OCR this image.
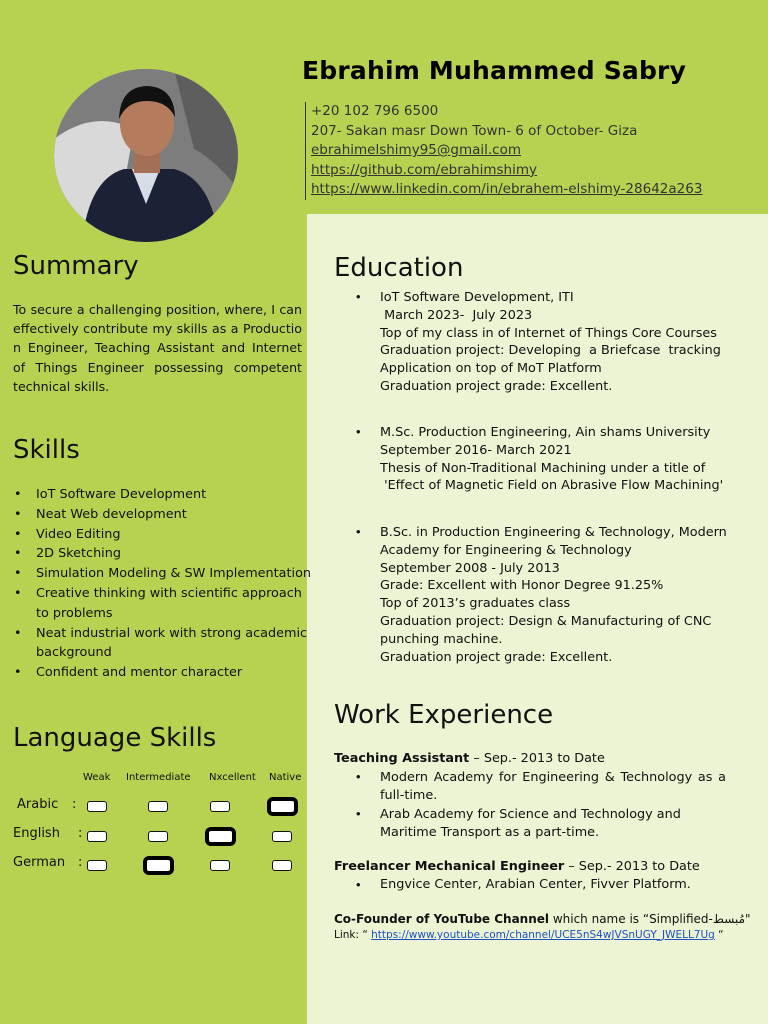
Ebrahim Muhammed Sabry
+20 102 796 6500
207- Sakan masr Down Town- 6 of October- Giza
ebrahimelshimy95@gmail.com
https://github.com/ebrahimshimy
https://www.linkedin.com/in/ebrahem-elshimy-28642a263
Summary
To secure a challenging position, where, I can effectively contribute my skills as a Productio n Engineer, Teaching Assistant and Internet of Things Engineer possessing competent technical skills.
Skills
• IoT Software Development
• Neat Web development
• Video Editing
• 2D Sketching
• Simulation Modeling & SW Implementation
• Creative thinking with scientific approach to problems
• Neat industrial work with strong academic background
• Confident and mentor character
Language Skills
Weak Intermediate Nxcellent Native
Arabic :
English :
German :
Education
• IoT Software Development, ITI
March 2023-  July 2023
Top of my class in of Internet of Things Core Courses
Graduation project: Developing  a Briefcase  tracking
Application on top of MoT Platform
Graduation project grade: Excellent.
• M.Sc. Production Engineering, Ain shams University
September 2016- March 2021
Thesis of Non-Traditional Machining under a title of
'Effect of Magnetic Field on Abrasive Flow Machining'
• B.Sc. in Production Engineering & Technology, Modern
Academy for Engineering & Technology
September 2008 - July 2013
Grade: Excellent with Honor Degree 91.25%
Top of 2013’s graduates class
Graduation project: Design & Manufacturing of CNC
punching machine.
Graduation project grade: Excellent.
Work Experience
Teaching Assistant – Sep.- 2013 to Date
• Modern Academy for Engineering & Technology as a full-time.
• Arab Academy for Science and Technology and Maritime Transport as a part-time.
Freelancer Mechanical Engineer – Sep.- 2013 to Date
• Engvice Center, Arabian Center, Fivver Platform.
Co-Founder of YouTube Channel which name is “Simplified-مُبسط"
Link: “ https://www.youtube.com/channel/UCE5nS4wJVSnUGY_JWELL7Ug “
